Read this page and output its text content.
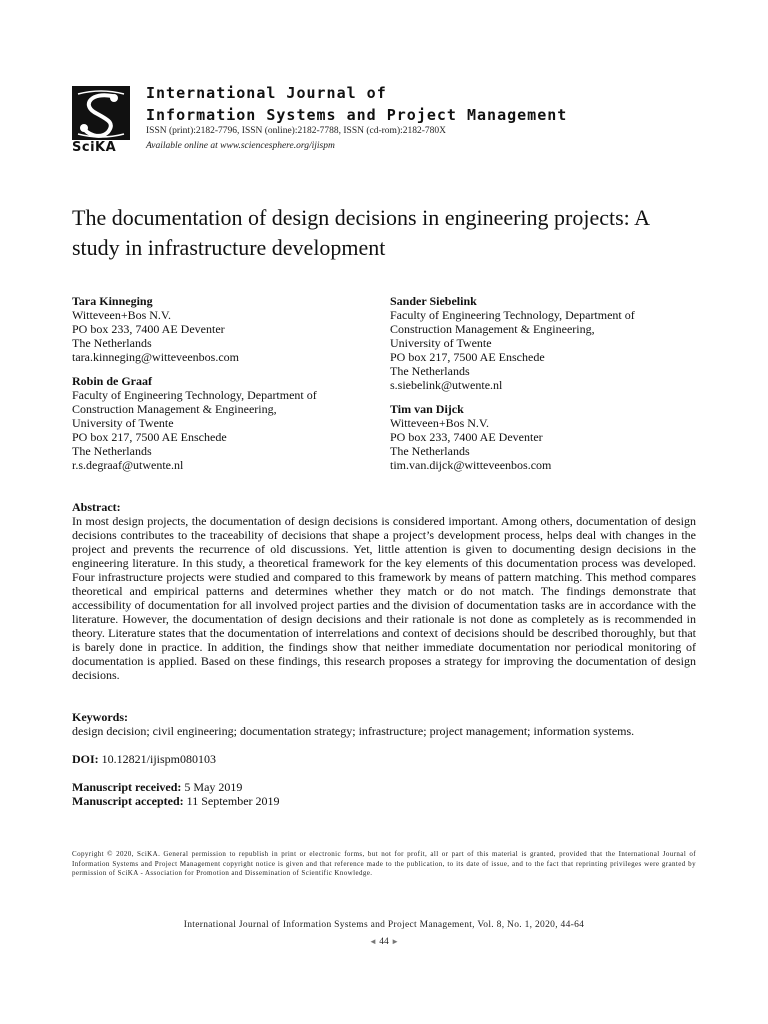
SciKA
International Journal of
Information Systems and Project Management
ISSN (print):2182-7796, ISSN (online):2182-7788, ISSN (cd-rom):2182-780X
Available online at www.sciencesphere.org/ijispm
The documentation of design decisions in engineering projects: A study in infrastructure development
Tara Kinneging
Witteveen+Bos N.V.
PO box 233, 7400 AE Deventer
The Netherlands
tara.kinneging@witteveenbos.com
Robin de Graaf
Faculty of Engineering Technology, Department of
Construction Management & Engineering,
University of Twente
PO box 217, 7500 AE Enschede
The Netherlands
r.s.degraaf@utwente.nl
Sander Siebelink
Faculty of Engineering Technology, Department of
Construction Management & Engineering,
University of Twente
PO box 217, 7500 AE Enschede
The Netherlands
s.siebelink@utwente.nl
Tim van Dijck
Witteveen+Bos N.V.
PO box 233, 7400 AE Deventer
The Netherlands
tim.van.dijck@witteveenbos.com
Abstract:
In most design projects, the documentation of design decisions is considered important. Among others, documentation of design decisions contributes to the traceability of decisions that shape a project’s development process, helps deal with changes in the project and prevents the recurrence of old discussions. Yet, little attention is given to documenting design decisions in the engineering literature. In this study, a theoretical framework for the key elements of this documentation process was developed. Four infrastructure projects were studied and compared to this framework by means of pattern matching. This method compares theoretical and empirical patterns and determines whether they match or do not match. The findings demonstrate that accessibility of documentation for all involved project parties and the division of documentation tasks are in accordance with the literature. However, the documentation of design decisions and their rationale is not done as completely as is recommended in theory. Literature states that the documentation of interrelations and context of decisions should be described thoroughly, but that is barely done in practice. In addition, the findings show that neither immediate documentation nor periodical monitoring of documentation is applied. Based on these findings, this research proposes a strategy for improving the documentation of design decisions.
Keywords:
design decision; civil engineering; documentation strategy; infrastructure; project management; information systems.
DOI: 10.12821/ijispm080103
Manuscript received: 5 May 2019
Manuscript accepted: 11 September 2019
Copyright © 2020, SciKA. General permission to republish in print or electronic forms, but not for profit, all or part of this material is granted, provided that the International Journal of Information Systems and Project Management copyright notice is given and that reference made to the publication, to its date of issue, and to the fact that reprinting privileges were granted by permission of SciKA - Association for Promotion and Dissemination of Scientific Knowledge.
International Journal of Information Systems and Project Management, Vol. 8, No. 1, 2020, 44-64
◄ 44 ►
